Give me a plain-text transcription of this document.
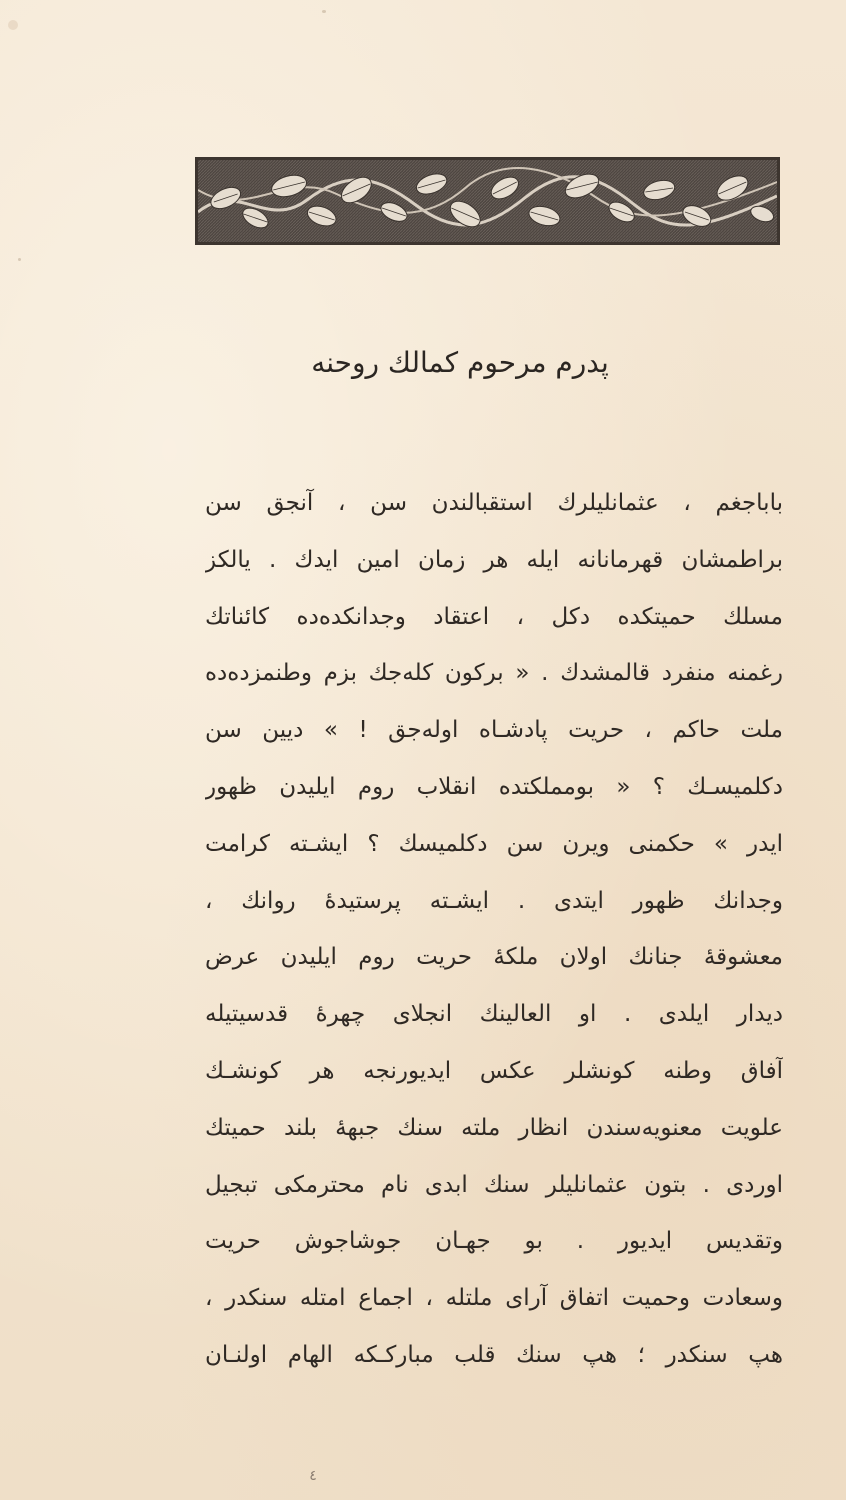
پدرم مرحوم كمالك روحنه
باباجغم ، عثمانليلرك استقبالندن سن ، آنجق سن
براطمشان قهرمانانه ايله هر زمان امين ايدك . يالكز
مسلك حميتكده دكل ، اعتقاد وجدانكده‌ده كائناتك
رغمنه منفرد قالمشدك . « بركون كله‌جك بزم وطنمزده‌ده
ملت حاكم ، حريت پادشـاه اوله‌جق ! » ديين سن
دكلميسـك ؟ « بومملكتده انقلاب روم ايليدن ظهور
ايدر » حكمنى ويرن سن دكلميسك ؟ ايشـته كرامت
وجدانك ظهور ايتدى . ايشـته پرستيدهٔ روانك ،
معشوقهٔ جنانك اولان ملكهٔ حريت روم ايليدن عرض
ديدار ايلدى . او العالينك انجلاى چهرهٔ قدسيتيله
آفاق وطنه كونشلر عكس ايديورنجه هر كونشـك
علويت معنويه‌سندن انظار ملته سنك جبههٔ بلند حميتك
اوردى . بتون عثمانليلر سنك ابدى نام محترمكى تبجيل
وتقديس ايديور . بو جهـان جوشاجوش حريت
وسعادت وحميت اتفاق آراى ملتله ، اجماع امتله سنكدر ،
هپ سنكدر ؛ هپ سنك قلب مباركـكه الهام اولنـان
٤
